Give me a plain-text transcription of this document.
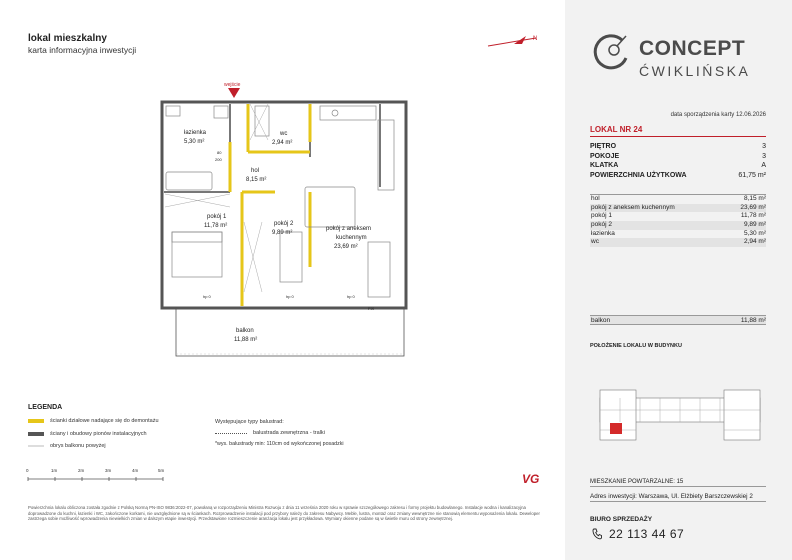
lokal mieszkalny
karta informacyjna inwestycji
N
wejście
łazienka
5,30 m²
wc
2,94 m²
hol
8,15 m²
pokój 1
11,78 m²	pokój 2
9,89 m²
pokój z aneksem
kuchennym
23,69 m²
balkon
11,88 m²
80
200
hp 0	hp 0	hp 0
FIX
LEGENDA
ścianki działowe nadające się do demontażu
ściany i obudowy pionów instalacyjnych
obrys balkonu powyżej
Występujące typy balustrad:
balustrada zewnętrzna - tralki
*wys. balustrady min: 110cm od wykończonej posadzki
0	1m	2m	3m	4m	5m
VG
Powierzchnia lokalu obliczona została zgodnie z Polską Normą PN-ISO 9836:2022-07, powołaną w rozporządzeniu Ministra Rozwoju z dnia 11 września 2020 roku w sprawie szczegółowego zakresu i formy projektu budowlanego. Instalacje wodna i kanalizacyjna doprowadzone do kuchni, łazienki i WC, zakończone korkami, nie uwzględnione są w ściankach. Rozprowadzenie instalacji pod przybory należy do zakresu Nabywcy. Meble, lustra, montaż oraz zmiany wewnętrzne nie stanowią elementu wyposażenia lokalu. Deweloper zastrzega sobie możliwość wprowadzenia niewielkich zmian w dalszym etapie inwestycji. Przedstawione rozmieszczenie aranżacja lokalu jest przykładowa. Wymiary okienne podane są w świetle muru od strony zewnętrznej.
CONCEPT
ĆWIKLIŃSKA
data sporządzenia karty 12.06.2026
LOKAL NR 24
PIĘTRO	3
POKOJE	3
KLATKA	A
POWIERZCHNIA UŻYTKOWA	61,75 m²
hol	8,15 m²
pokój z aneksem kuchennym	23,69 m²
pokój 1	11,78 m²
pokój 2	9,89 m²
łazienka	5,30 m²
wc	2,94 m²
balkon	11,88 m²
POŁOŻENIE LOKALU W BUDYNKU
MIESZKANIE POWTARZALNE: 15
Adres inwestycji: Warszawa, Ul. Elżbiety Barszczewskiej 2
BIURO SPRZEDAŻY
22 113 44 67
